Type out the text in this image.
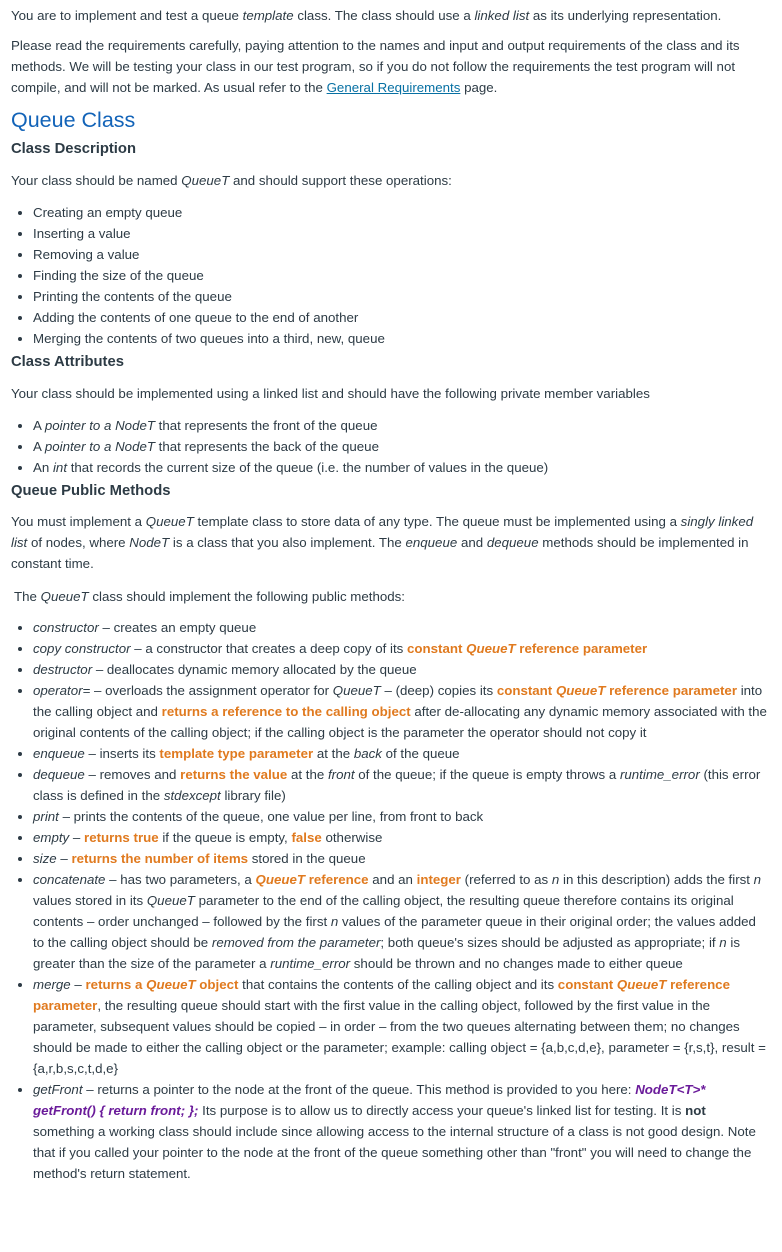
You are to implement and test a queue template class. The class should use a linked list as its underlying representation.

Please read the requirements carefully, paying attention to the names and input and output requirements of the class and its methods. We will be testing your class in our test program, so if you do not follow the requirements the test program will not compile, and will not be marked. As usual refer to the General Requirements page.

Queue Class
Class Description

Your class should be named QueueT and should support these operations:

• Creating an empty queue
• Inserting a value
• Removing a value
• Finding the size of the queue
• Printing the contents of the queue
• Adding the contents of one queue to the end of another
• Merging the contents of two queues into a third, new, queue
Class Attributes

Your class should be implemented using a linked list and should have the following private member variables

• A pointer to a NodeT that represents the front of the queue
• A pointer to a NodeT that represents the back of the queue
• An int that records the current size of the queue (i.e. the number of values in the queue)
Queue Public Methods

You must implement a QueueT template class to store data of any type. The queue must be implemented using a singly linked list of nodes, where NodeT is a class that you also implement. The enqueue and dequeue methods should be implemented in constant time.

The QueueT class should implement the following public methods:

• constructor – creates an empty queue
• copy constructor – a constructor that creates a deep copy of its constant QueueT reference parameter
• destructor – deallocates dynamic memory allocated by the queue
• operator= – overloads the assignment operator for QueueT – (deep) copies its constant QueueT reference parameter into the calling object and returns a reference to the calling object after de-allocating any dynamic memory associated with the original contents of the calling object; if the calling object is the parameter the operator should not copy it
• enqueue – inserts its template type parameter at the back of the queue
• dequeue – removes and returns the value at the front of the queue; if the queue is empty throws a runtime_error (this error class is defined in the stdexcept library file)
• print – prints the contents of the queue, one value per line, from front to back
• empty – returns true if the queue is empty, false otherwise
• size – returns the number of items stored in the queue
• concatenate – has two parameters, a QueueT reference and an integer (referred to as n in this description) adds the first n values stored in its QueueT parameter to the end of the calling object, the resulting queue therefore contains its original contents – order unchanged – followed by the first n values of the parameter queue in their original order; the values added to the calling object should be removed from the parameter; both queue's sizes should be adjusted as appropriate; if n is greater than the size of the parameter a runtime_error should be thrown and no changes made to either queue
• merge – returns a QueueT object that contains the contents of the calling object and its constant QueueT reference parameter, the resulting queue should start with the first value in the calling object, followed by the first value in the parameter, subsequent values should be copied – in order – from the two queues alternating between them; no changes should be made to either the calling object or the parameter; example: calling object = {a,b,c,d,e}, parameter = {r,s,t}, result = {a,r,b,s,c,t,d,e}
• getFront – returns a pointer to the node at the front of the queue. This method is provided to you here: NodeT<T>* getFront() { return front; }; Its purpose is to allow us to directly access your queue's linked list for testing. It is not something a working class should include since allowing access to the internal structure of a class is not good design. Note that if you called your pointer to the node at the front of the queue something other than "front" you will need to change the method's return statement.
